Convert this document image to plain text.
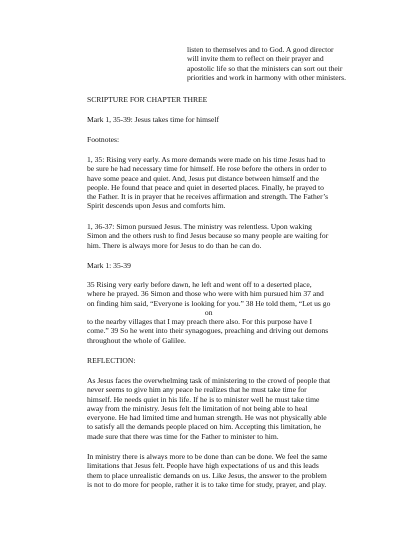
listen to themselves and to God. A good director
will invite them to reflect on their prayer and
apostolic life so that the ministers can sort out their
priorities and work in harmony with other ministers.
SCRIPTURE FOR CHAPTER THREE
Mark 1, 35-39: Jesus takes time for himself
Footnotes:
1, 35: Rising very early. As more demands were made on his time Jesus had to
be sure he had necessary time for himself. He rose before the others in order to
have some peace and quiet. And, Jesus put distance between himself and the
people. He found that peace and quiet in deserted places. Finally, he prayed to
the Father. It is in prayer that he receives affirmation and strength. The Father’s
Spirit descends upon Jesus and comforts him.
1, 36-37: Simon pursued Jesus. The ministry was relentless. Upon waking
Simon and the others rush to find Jesus because so many people are waiting for
him. There is always more for Jesus to do than he can do.
Mark 1: 35-39
35 Rising very early before dawn, he left and went off to a deserted place,
where he prayed. 36 Simon and those who were with him pursued him 37 and
on finding him said, “Everyone is looking for you.” 38 He told them, “Let us go
on
to the nearby villages that I may preach there also. For this purpose have I
come.” 39 So he went into their synagogues, preaching and driving out demons
throughout the whole of Galilee.
REFLECTION:
As Jesus faces the overwhelming task of ministering to the crowd of people that
never seems to give him any peace he realizes that he must take time for
himself. He needs quiet in his life. If he is to minister well he must take time
away from the ministry. Jesus felt the limitation of not being able to heal
everyone. He had limited time and human strength. He was not physically able
to satisfy all the demands people placed on him. Accepting this limitation, he
made sure that there was time for the Father to minister to him.
In ministry there is always more to be done than can be done. We feel the same
limitations that Jesus felt. People have high expectations of us and this leads
them to place unrealistic demands on us. Like Jesus, the answer to the problem
is not to do more for people, rather it is to take time for study, prayer, and play.
